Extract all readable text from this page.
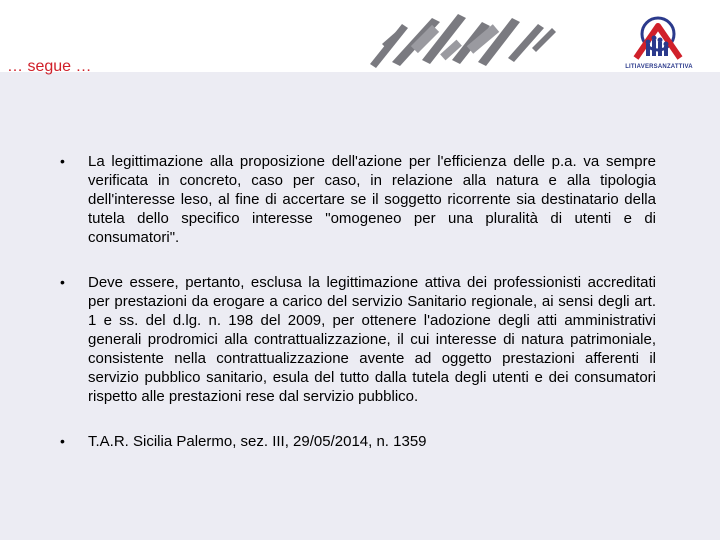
… segue …	LITIAVERSANZATTIVA
• La legittimazione alla proposizione dell'azione per l'efficienza delle p.a. va sempre verificata in concreto, caso per caso, in relazione alla natura e alla tipologia dell'interesse leso, al fine di accertare se il soggetto ricorrente sia destinatario della tutela dello specifico interesse "omogeneo per una pluralità di utenti e di consumatori".
• Deve essere, pertanto, esclusa la legittimazione attiva dei professionisti accreditati per prestazioni da erogare a carico del servizio Sanitario regionale, ai sensi degli art. 1 e ss. del d.lg. n. 198 del 2009, per ottenere l'adozione degli atti amministrativi generali prodromici alla contrattualizzazione, il cui interesse di natura patrimoniale, consistente nella contrattualizzazione avente ad oggetto prestazioni afferenti il servizio pubblico sanitario, esula del tutto dalla tutela degli utenti e dei consumatori rispetto alle prestazioni rese dal servizio pubblico.
• T.A.R. Sicilia Palermo, sez. III, 29/05/2014, n. 1359
